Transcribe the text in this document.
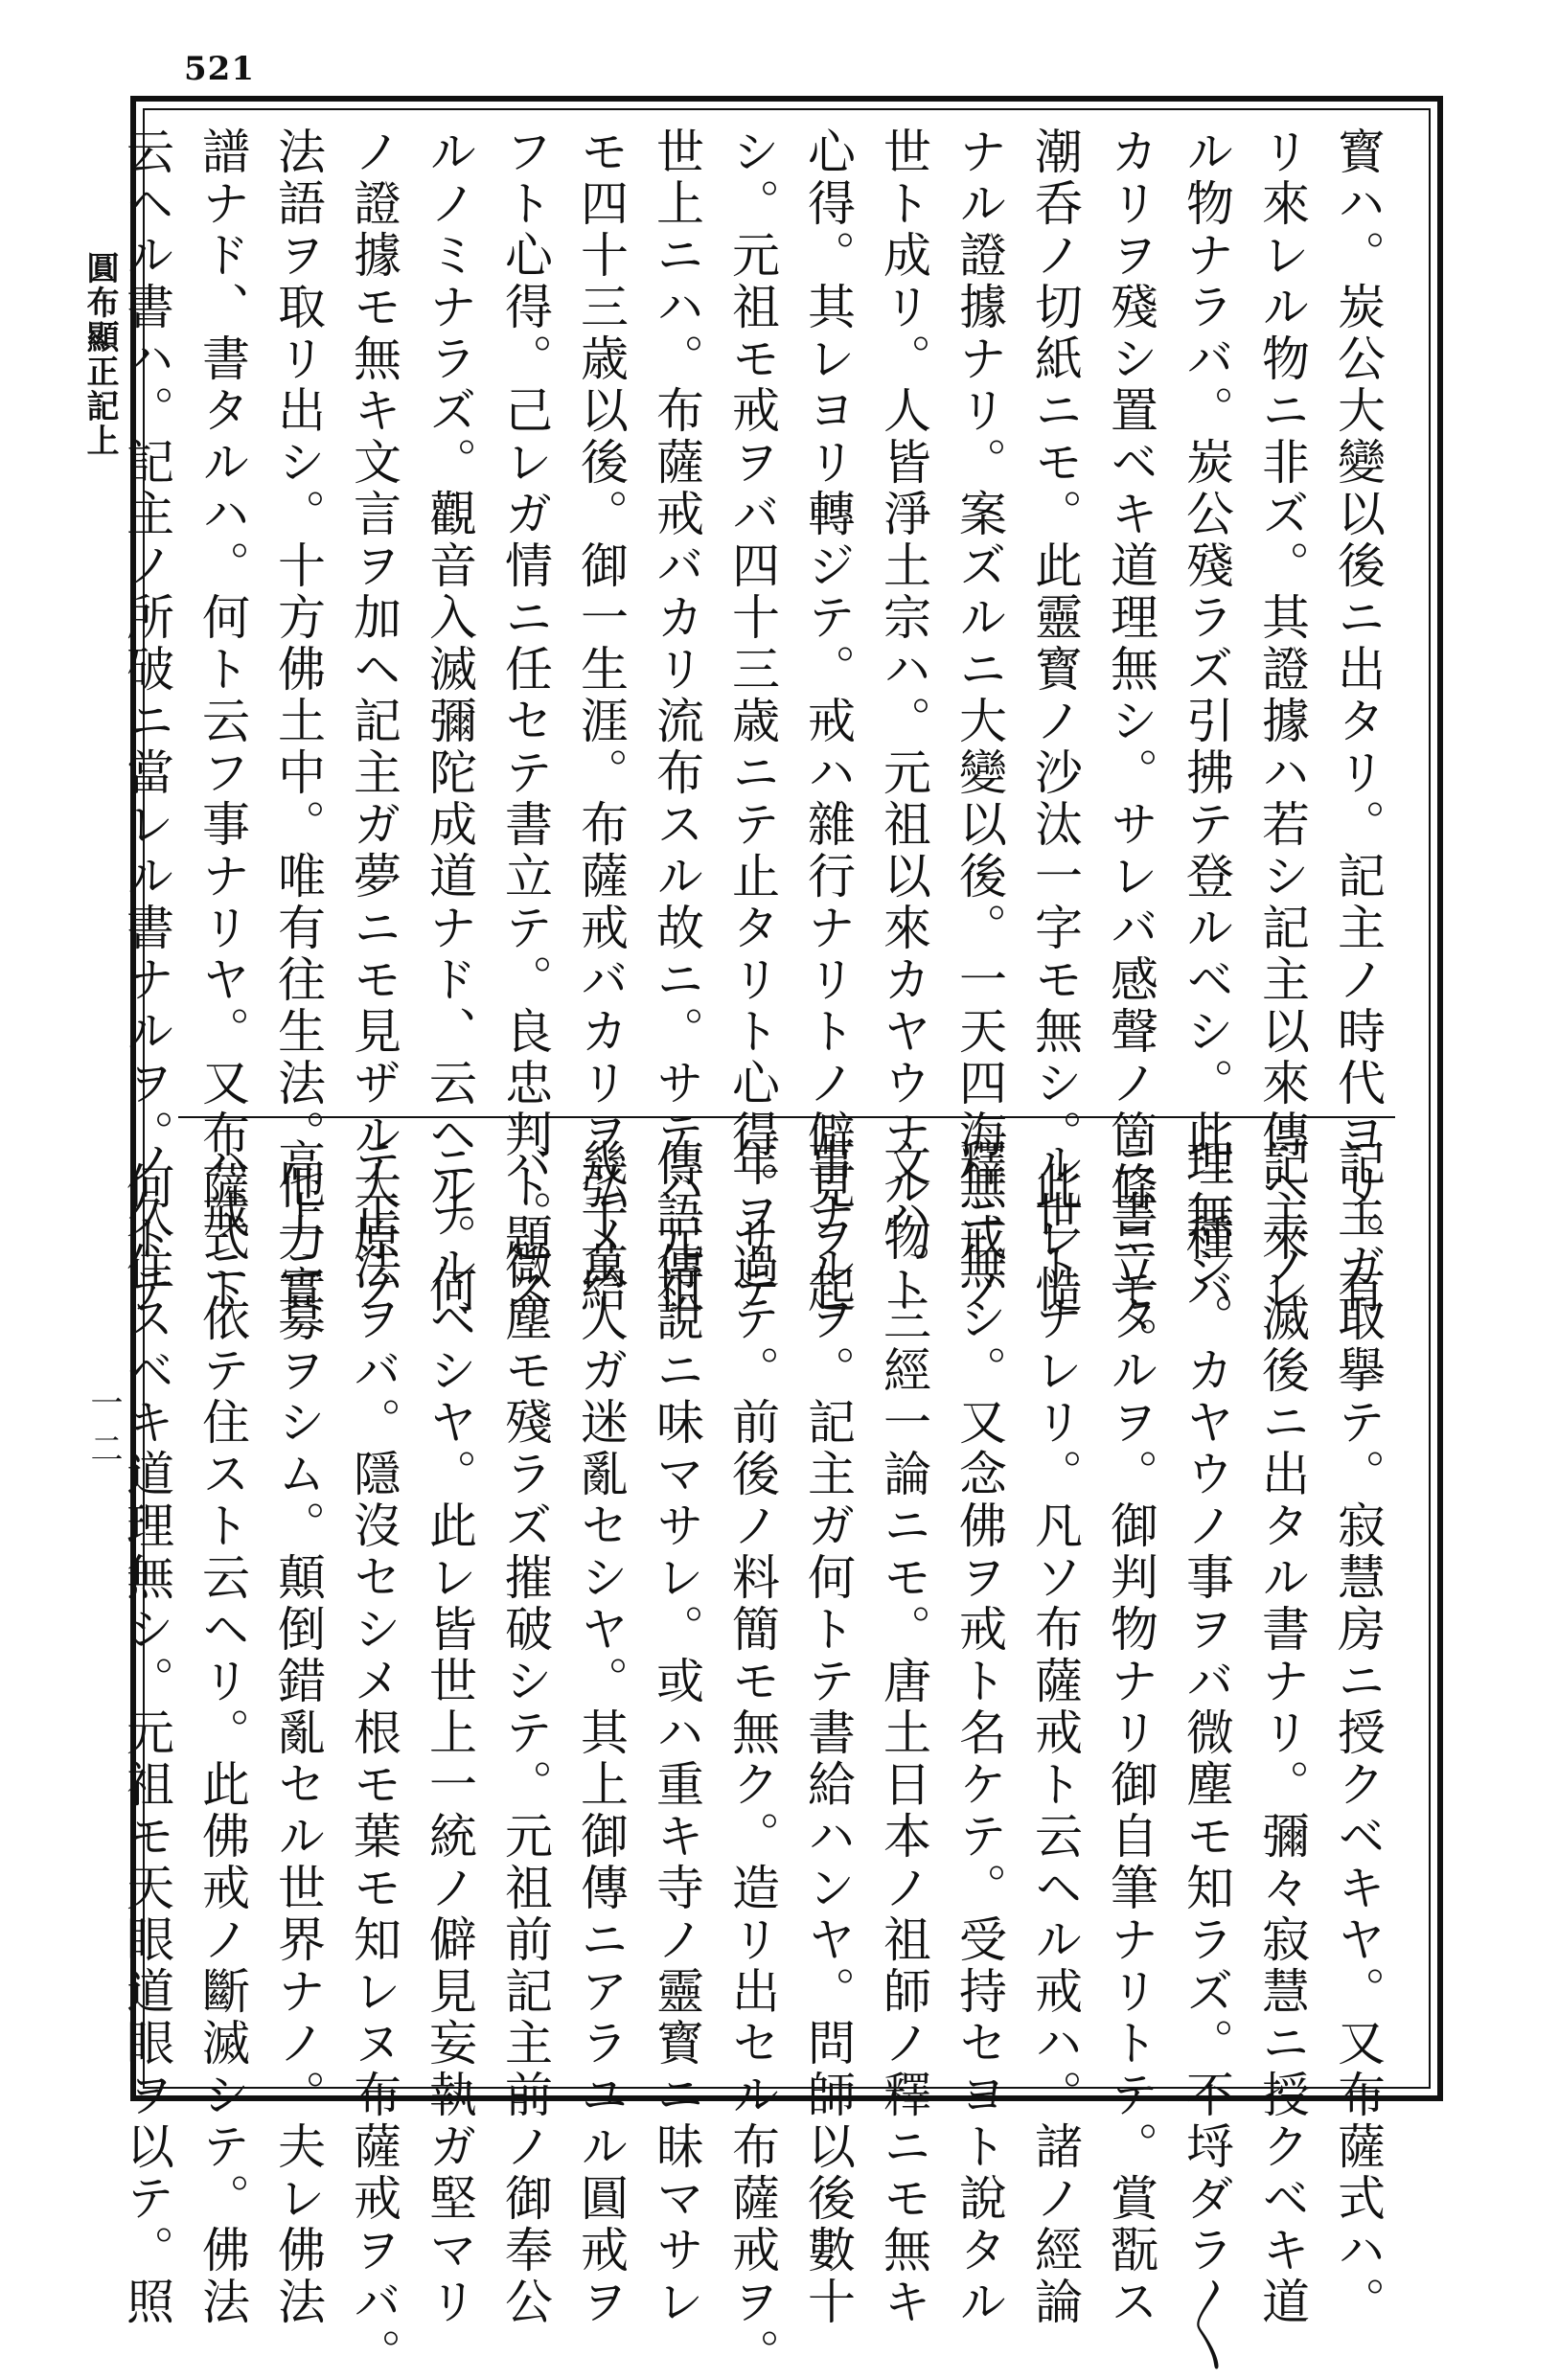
521
圓布顯正記上
一二
寳ハ。炭公大變以後ニ出タリ。記主ノ時代ヨリ。有
リ來レル物ニ非ズ。其證據ハ若シ記主以來傳ヘ來レ
ル物ナラバ。炭公殘ラズ引拂テ登ルベシ。此二種バ
カリヲ殘シ置ベキ道理無シ。サレバ感聲ノ箇條ニモ。
潮呑ノ切紙ニモ。此靈寳ノ沙汰一字モ無シ。此レ慥
ナル證據ナリ。案ズルニ大變以後。一天四海無戒ノ
世ト成リ。人皆淨土宗ハ。元祖以來カヤウナル物ト
心得。其レヨリ轉ジテ。戒ハ雜行ナリトノ僻見ヲ起
シ。元祖モ戒ヲバ四十三歳ニテ止タリト心得。サテ
世上ニハ。布薩戒バカリ流布スル故ニ。サテハ元祖
モ四十三歳以後。御一生涯。布薩戒バカリヲ弘メ給
フト心得。己レガ情ニ任セテ書立テ。良忠判ト題ス
ルノミナラズ。觀音入滅彌陀成道ナド、云ヘル。何
ノ證據モ無キ文言ヲ加ヘ記主ガ夢ニモ見ザル大原ノ
法語ヲ取リ出シ。十方佛土中。唯有往生法。他力實
譜ナド、書タルハ。何ト云フ事ナリヤ。又布薩式ト
云ヘル書ハ。記主ノ所破ニ當レル書ナルヲ。何トテ
記主ガ取擧テ。寂慧房ニ授クベキヤ。又布薩式ハ。
記主ノ滅後ニ出タル書ナリ。彌々寂慧ニ授クベキ道
理無シ。カヤウノ事ヲバ微塵モ知ラズ。不埒ダラ〳〵
ニ書立タルヲ。御判物ナリ御自筆ナリトテ。賞翫ス
ル世トナレリ。凡ソ布薩戒ト云ヘル戒ハ。諸ノ經論
釋ニ無シ。又念佛ヲ戒ト名ケテ。受持セヨト說タル
文ハ。三經一論ニモ。唐土日本ノ祖師ノ釋ニモ無キ
事ナルヲ。記主ガ何トテ書給ハンヤ。問師以後數十
年ヲ過テ。前後ノ料簡モ無ク。造リ出セル布薩戒ヲ。
傳語傳說ニ味マサレ。或ハ重キ寺ノ靈寳ニ昧マサレ
幾千萬人ガ迷亂セシヤ。其上御傳ニアラユル圓戒ヲ
バ。微塵モ殘ラズ摧破シテ。元祖前記主前ノ御奉公
ニナルベシヤ。此レ皆世上一統ノ僻見妄執ガ堅マリ
テ正法ヲバ。隱沒セシメ根モ葉モ知レヌ布薩戒ヲバ。
高上ニ募ヲシム。顛倒錯亂セル世界ナノ。夫レ佛法
ハ戒ニ依テ住スト云ヘリ。此佛戒ノ斷滅シテ。佛法
ノ久住スベキ道理無シ。元祖モ天眼道眼ヲ以テ。照
